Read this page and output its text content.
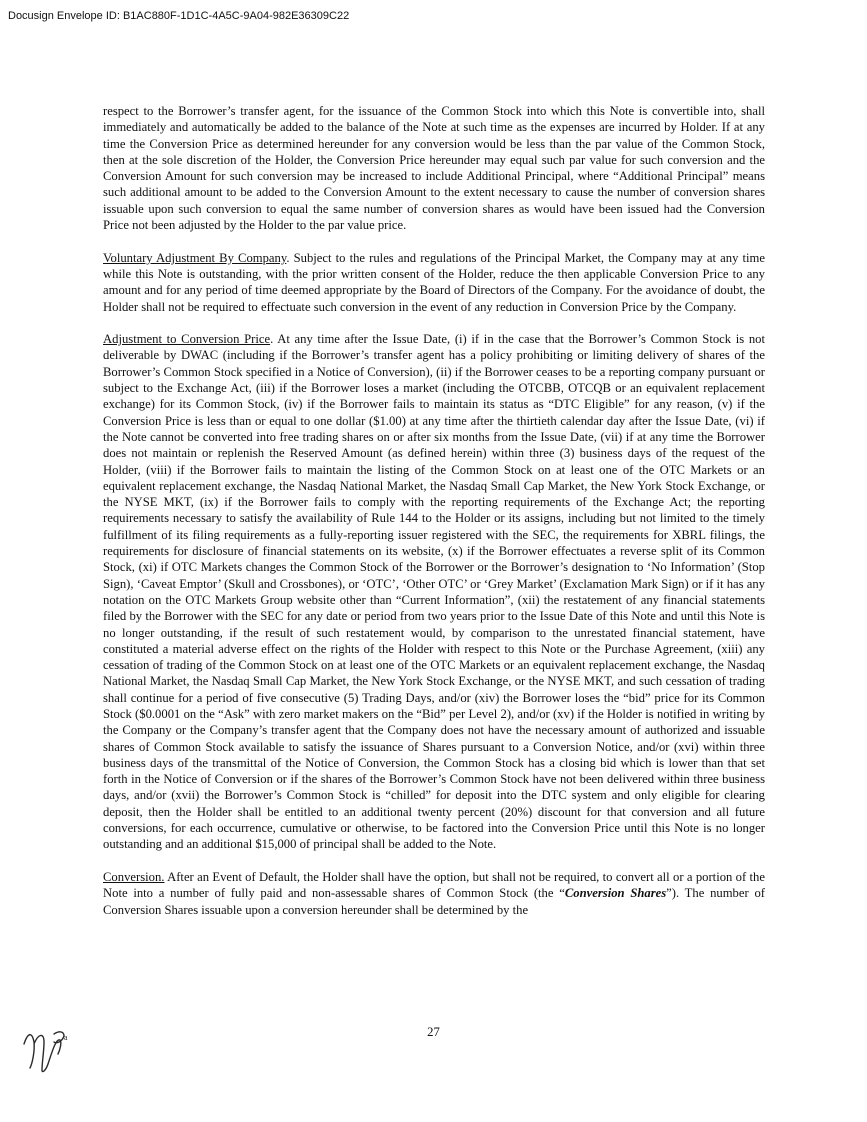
Docusign Envelope ID: B1AC880F-1D1C-4A5C-9A04-982E36309C22

respect to the Borrower’s transfer agent, for the issuance of the Common Stock into which this Note is convertible into, shall immediately and automatically be added to the balance of the Note at such time as the expenses are incurred by Holder. If at any time the Conversion Price as determined hereunder for any conversion would be less than the par value of the Common Stock, then at the sole discretion of the Holder, the Conversion Price hereunder may equal such par value for such conversion and the Conversion Amount for such conversion may be increased to include Additional Principal, where “Additional Principal” means such additional amount to be added to the Conversion Amount to the extent necessary to cause the number of conversion shares issuable upon such conversion to equal the same number of conversion shares as would have been issued had the Conversion Price not been adjusted by the Holder to the par value price.

Voluntary Adjustment By Company. Subject to the rules and regulations of the Principal Market, the Company may at any time while this Note is outstanding, with the prior written consent of the Holder, reduce the then applicable Conversion Price to any amount and for any period of time deemed appropriate by the Board of Directors of the Company. For the avoidance of doubt, the Holder shall not be required to effectuate such conversion in the event of any reduction in Conversion Price by the Company.

Adjustment to Conversion Price. At any time after the Issue Date, (i) if in the case that the Borrower’s Common Stock is not deliverable by DWAC (including if the Borrower’s transfer agent has a policy prohibiting or limiting delivery of shares of the Borrower’s Common Stock specified in a Notice of Conversion), (ii) if the Borrower ceases to be a reporting company pursuant or subject to the Exchange Act, (iii) if the Borrower loses a market (including the OTCBB, OTCQB or an equivalent replacement exchange) for its Common Stock, (iv) if the Borrower fails to maintain its status as “DTC Eligible” for any reason, (v) if the Conversion Price is less than or equal to one dollar ($1.00) at any time after the thirtieth calendar day after the Issue Date, (vi) if the Note cannot be converted into free trading shares on or after six months from the Issue Date, (vii) if at any time the Borrower does not maintain or replenish the Reserved Amount (as defined herein) within three (3) business days of the request of the Holder, (viii) if the Borrower fails to maintain the listing of the Common Stock on at least one of the OTC Markets or an equivalent replacement exchange, the Nasdaq National Market, the Nasdaq Small Cap Market, the New York Stock Exchange, or the NYSE MKT, (ix) if the Borrower fails to comply with the reporting requirements of the Exchange Act; the reporting requirements necessary to satisfy the availability of Rule 144 to the Holder or its assigns, including but not limited to the timely fulfillment of its filing requirements as a fully-reporting issuer registered with the SEC, the requirements for XBRL filings, the requirements for disclosure of financial statements on its website, (x) if the Borrower effectuates a reverse split of its Common Stock, (xi) if OTC Markets changes the Common Stock of the Borrower or the Borrower’s designation to ‘No Information’ (Stop Sign), ‘Caveat Emptor’ (Skull and Crossbones), or ‘OTC’, ‘Other OTC’ or ‘Grey Market’ (Exclamation Mark Sign) or if it has any notation on the OTC Markets Group website other than “Current Information”, (xii) the restatement of any financial statements filed by the Borrower with the SEC for any date or period from two years prior to the Issue Date of this Note and until this Note is no longer outstanding, if the result of such restatement would, by comparison to the unrestated financial statement, have constituted a material adverse effect on the rights of the Holder with respect to this Note or the Purchase Agreement, (xiii) any cessation of trading of the Common Stock on at least one of the OTC Markets or an equivalent replacement exchange, the Nasdaq National Market, the Nasdaq Small Cap Market, the New York Stock Exchange, or the NYSE MKT, and such cessation of trading shall continue for a period of five consecutive (5) Trading Days, and/or (xiv) the Borrower loses the “bid” price for its Common Stock ($0.0001 on the “Ask” with zero market makers on the “Bid” per Level 2), and/or (xv) if the Holder is notified in writing by the Company or the Company’s transfer agent that the Company does not have the necessary amount of authorized and issuable shares of Common Stock available to satisfy the issuance of Shares pursuant to a Conversion Notice, and/or (xvi) within three business days of the transmittal of the Notice of Conversion, the Common Stock has a closing bid which is lower than that set forth in the Notice of Conversion or if the shares of the Borrower’s Common Stock have not been delivered within three business days, and/or (xvii) the Borrower’s Common Stock is “chilled” for deposit into the DTC system and only eligible for clearing deposit, then the Holder shall be entitled to an additional twenty percent (20%) discount for that conversion and all future conversions, for each occurrence, cumulative or otherwise, to be factored into the Conversion Price until this Note is no longer outstanding and an additional $15,000 of principal shall be added to the Note.

Conversion. After an Event of Default, the Holder shall have the option, but shall not be required, to convert all or a portion of the Note into a number of fully paid and non-assessable shares of Common Stock (the “Conversion Shares”). The number of Conversion Shares issuable upon a conversion hereunder shall be determined by the

27
a
